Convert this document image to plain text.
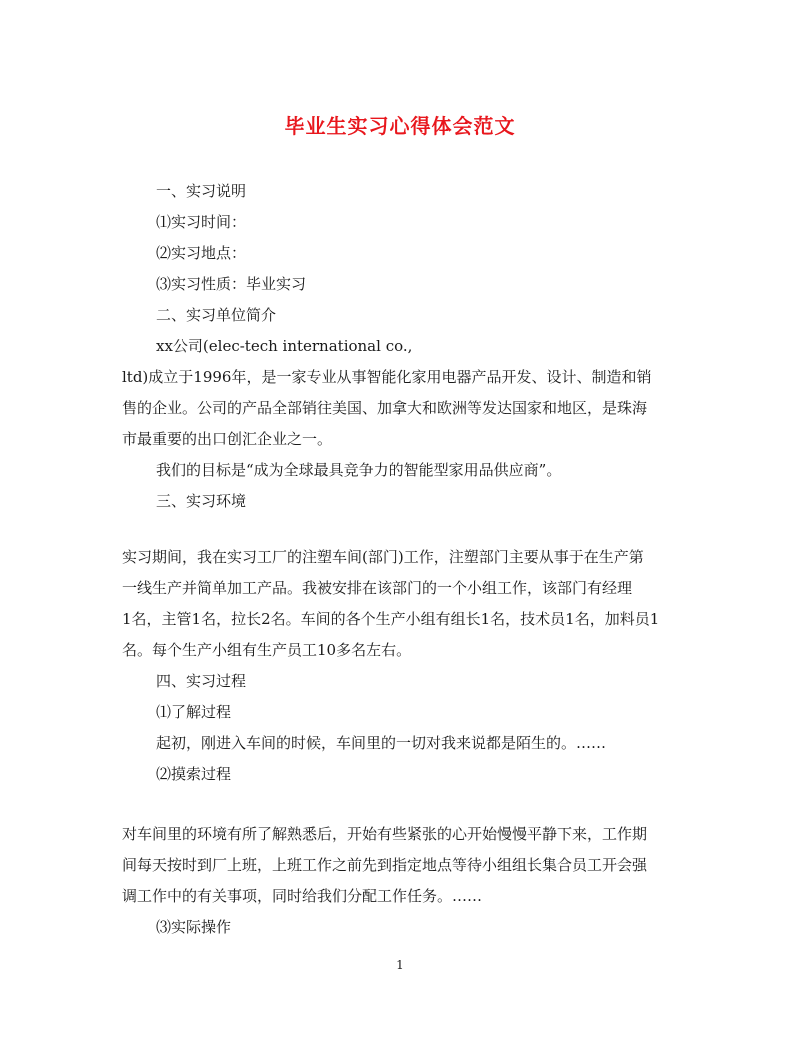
毕业生实习心得体会范文
一、实习说明
⑴实习时间：
⑵实习地点：
⑶实习性质：毕业实习
二、实习单位简介
xx公司(elec-tech international co.,
ltd)成立于1996年，是一家专业从事智能化家用电器产品开发、设计、制造和销
售的企业。公司的产品全部销往美国、加拿大和欧洲等发达国家和地区，是珠海
市最重要的出口创汇企业之一。
我们的目标是“成为全球最具竞争力的智能型家用品供应商”。
三、实习环境
实习期间，我在实习工厂的注塑车间(部门)工作，注塑部门主要从事于在生产第
一线生产并简单加工产品。我被安排在该部门的一个小组工作，该部门有经理
1名，主管1名，拉长2名。车间的各个生产小组有组长1名，技术员1名，加料员1
名。每个生产小组有生产员工10多名左右。
四、实习过程
⑴了解过程
起初，刚进入车间的时候，车间里的一切对我来说都是陌生的。……
⑵摸索过程
对车间里的环境有所了解熟悉后，开始有些紧张的心开始慢慢平静下来，工作期
间每天按时到厂上班，上班工作之前先到指定地点等待小组组长集合员工开会强
调工作中的有关事项，同时给我们分配工作任务。……
⑶实际操作
1
